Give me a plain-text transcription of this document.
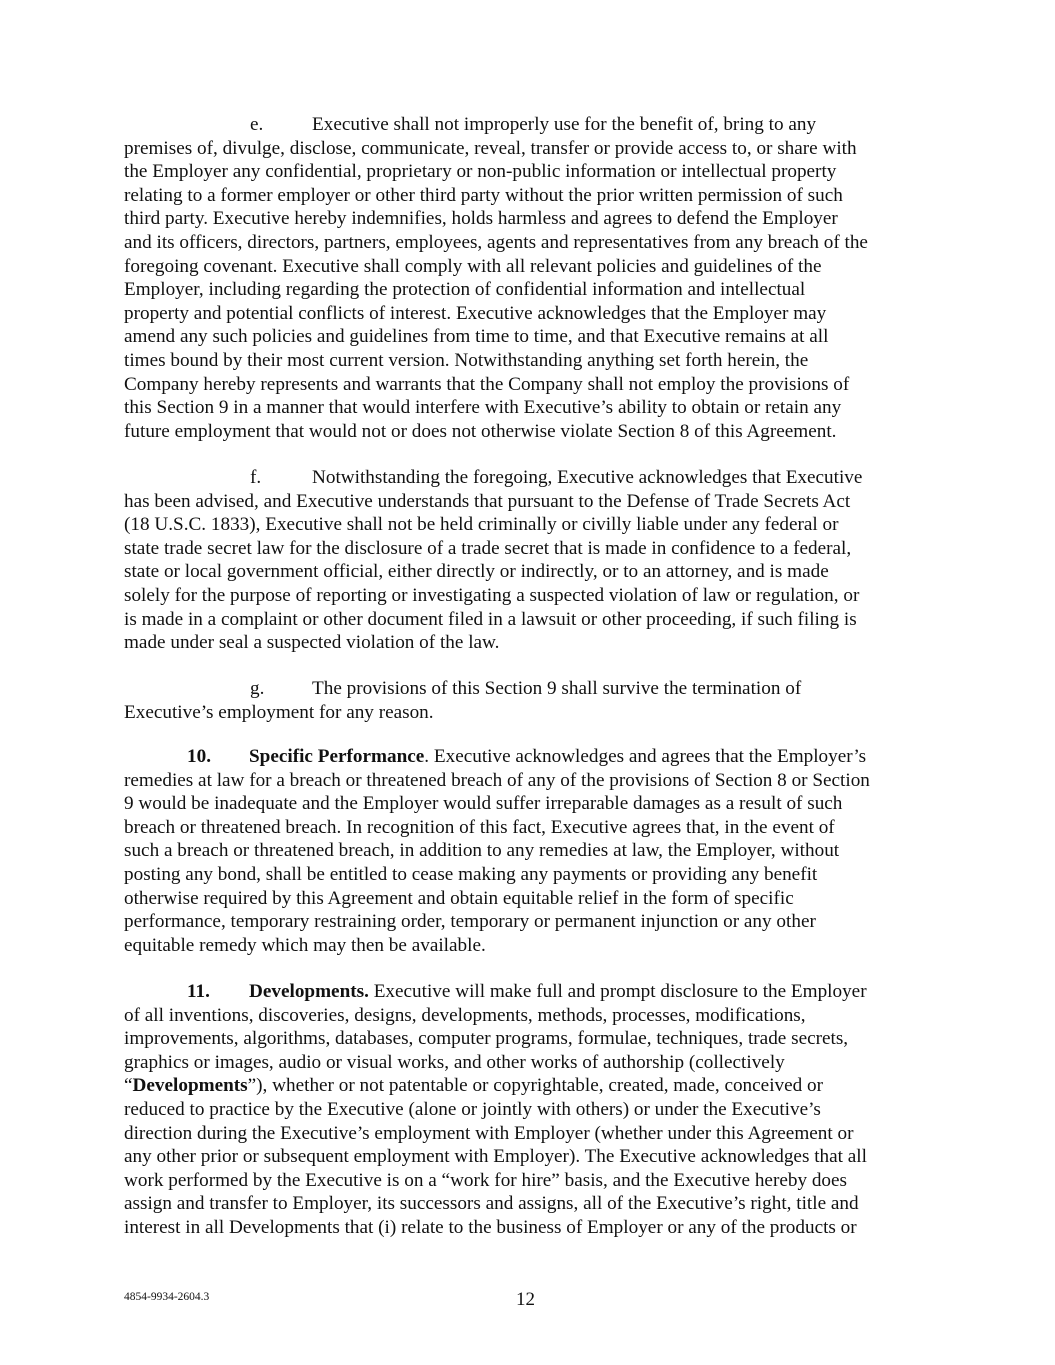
e.	Executive shall not improperly use for the benefit of, bring to any
premises of, divulge, disclose, communicate, reveal, transfer or provide access to, or share with
the Employer any confidential, proprietary or non-public information or intellectual property
relating to a former employer or other third party without the prior written permission of such
third party. Executive hereby indemnifies, holds harmless and agrees to defend the Employer
and its officers, directors, partners, employees, agents and representatives from any breach of the
foregoing covenant. Executive shall comply with all relevant policies and guidelines of the
Employer, including regarding the protection of confidential information and intellectual
property and potential conflicts of interest. Executive acknowledges that the Employer may
amend any such policies and guidelines from time to time, and that Executive remains at all
times bound by their most current version. Notwithstanding anything set forth herein, the
Company hereby represents and warrants that the Company shall not employ the provisions of
this Section 9 in a manner that would interfere with Executive’s ability to obtain or retain any
future employment that would not or does not otherwise violate Section 8 of this Agreement.
f.	Notwithstanding the foregoing, Executive acknowledges that Executive
has been advised, and Executive understands that pursuant to the Defense of Trade Secrets Act
(18 U.S.C. 1833), Executive shall not be held criminally or civilly liable under any federal or
state trade secret law for the disclosure of a trade secret that is made in confidence to a federal,
state or local government official, either directly or indirectly, or to an attorney, and is made
solely for the purpose of reporting or investigating a suspected violation of law or regulation, or
is made in a complaint or other document filed in a lawsuit or other proceeding, if such filing is
made under seal a suspected violation of the law.
g. The provisions of this Section 9 shall survive the termination of
Executive’s employment for any reason.
10. Specific Performance. Executive acknowledges and agrees that the Employer’s
remedies at law for a breach or threatened breach of any of the provisions of Section 8 or Section
9 would be inadequate and the Employer would suffer irreparable damages as a result of such
breach or threatened breach. In recognition of this fact, Executive agrees that, in the event of
such a breach or threatened breach, in addition to any remedies at law, the Employer, without
posting any bond, shall be entitled to cease making any payments or providing any benefit
otherwise required by this Agreement and obtain equitable relief in the form of specific
performance, temporary restraining order, temporary or permanent injunction or any other
equitable remedy which may then be available.
11. Developments. Executive will make full and prompt disclosure to the Employer
of all inventions, discoveries, designs, developments, methods, processes, modifications,
improvements, algorithms, databases, computer programs, formulae, techniques, trade secrets,
graphics or images, audio or visual works, and other works of authorship (collectively
“Developments”), whether or not patentable or copyrightable, created, made, conceived or
reduced to practice by the Executive (alone or jointly with others) or under the Executive’s
direction during the Executive’s employment with Employer (whether under this Agreement or
any other prior or subsequent employment with Employer). The Executive acknowledges that all
work performed by the Executive is on a “work for hire” basis, and the Executive hereby does
assign and transfer to Employer, its successors and assigns, all of the Executive’s right, title and
interest in all Developments that (i) relate to the business of Employer or any of the products or
4854-9934-2604.3	12
